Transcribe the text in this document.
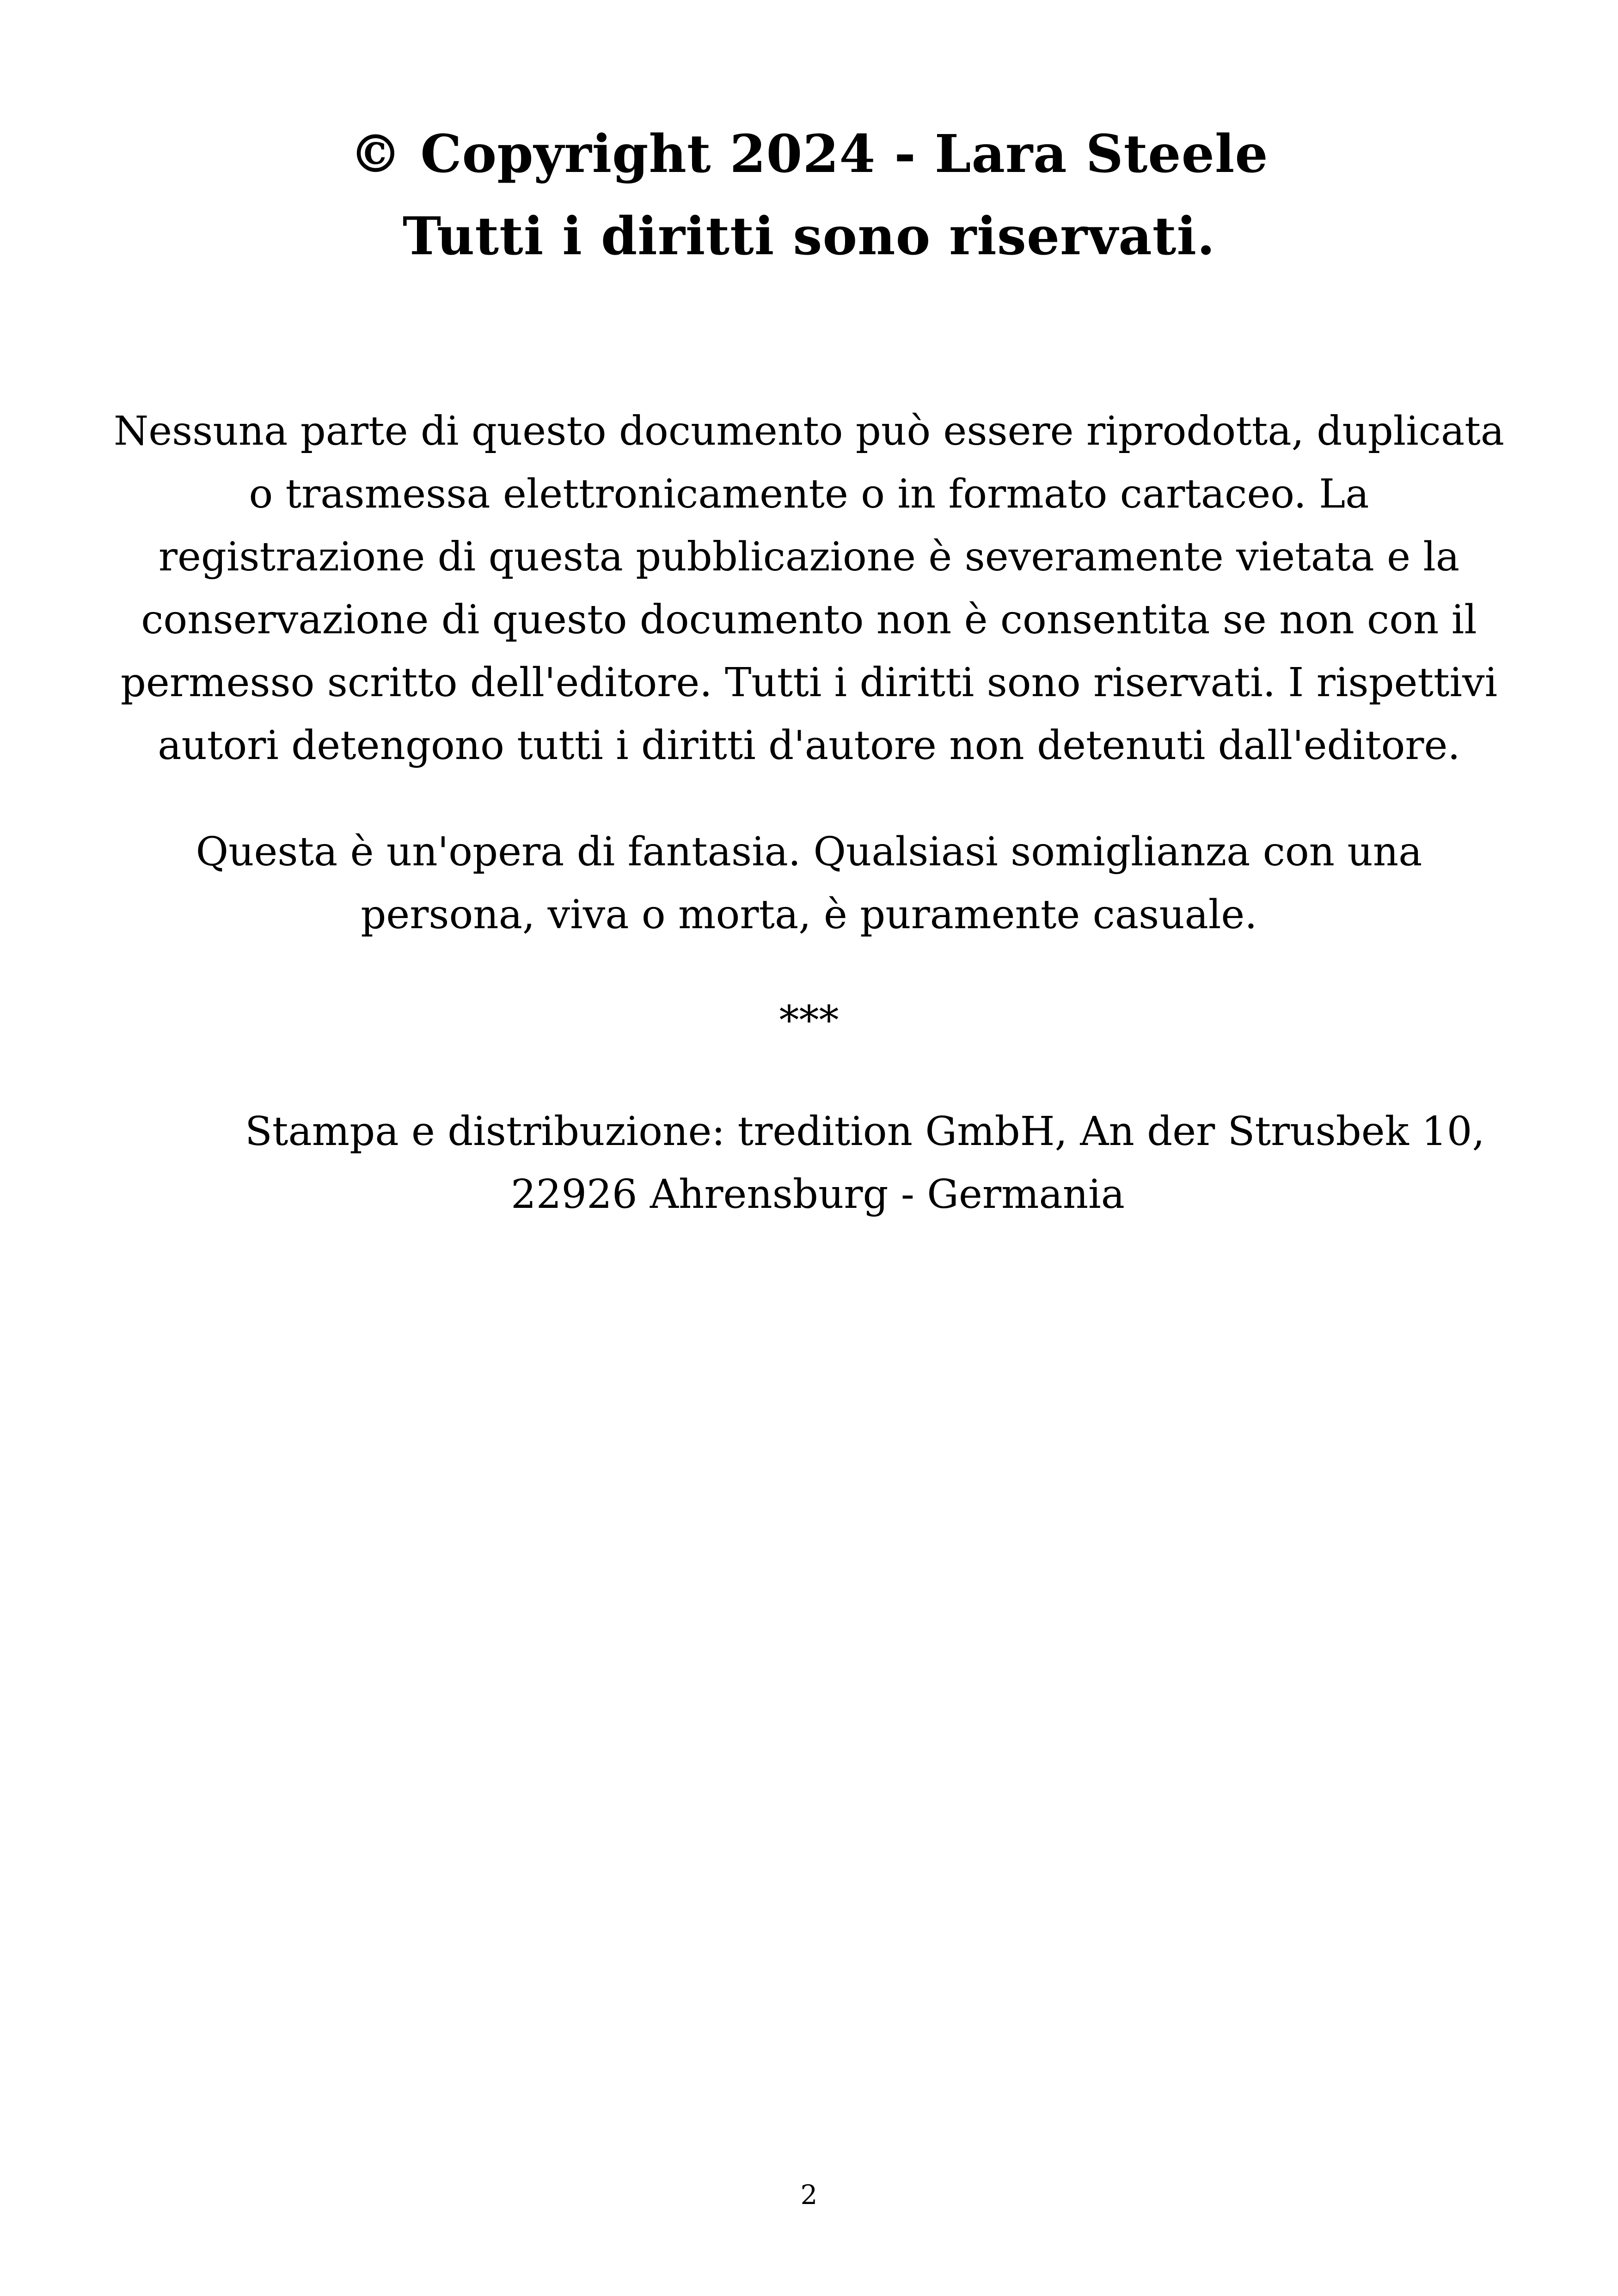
© Copyright 2024 - Lara Steele
Tutti i diritti sono riservati.
Nessuna parte di questo documento può essere riprodotta, duplicata o trasmessa elettronicamente o in formato cartaceo. La registrazione di questa pubblicazione è severamente vietata e la conservazione di questo documento non è consentita se non con il permesso scritto dell'editore. Tutti i diritti sono riservati. I rispettivi autori detengono tutti i diritti d'autore non detenuti dall'editore.
Questa è un'opera di fantasia. Qualsiasi somiglianza con una persona, viva o morta, è puramente casuale.
***
Stampa e distribuzione: tredition GmbH, An der Strusbek 10,
22926 Ahrensburg - Germania
2
